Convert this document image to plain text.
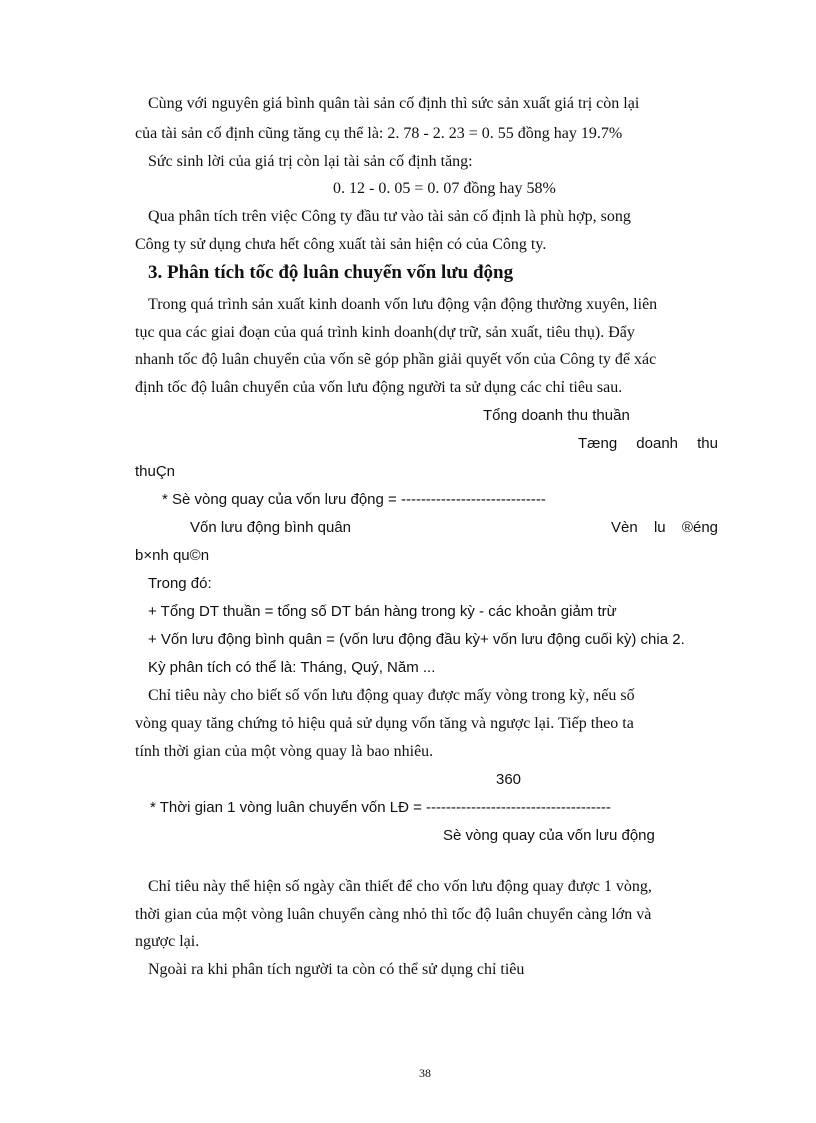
Cùng với nguyên giá bình quân tài sản cố định thì sức sản xuất giá trị còn lại
của tài sản cố định cũng tăng cụ thể là: 2. 78 - 2. 23 = 0. 55 đồng hay 19.7%
Sức sinh lời của giá trị còn lại tài sản cố định tăng:
0. 12 - 0. 05 = 0. 07 đồng hay 58%
Qua phân tích trên việc Công ty đầu tư vào tài sản cố định là phù hợp, song
Công ty sử dụng chưa hết công xuất tài sản hiện có của Công ty.
3. Phân tích tốc độ luân chuyển vốn lưu động
Trong quá trình sản xuất kinh doanh vốn lưu động vận động thường xuyên, liên
tục qua các giai đoạn của quá trình kinh doanh(dự trữ, sản xuất, tiêu thụ). Đẩy
nhanh tốc độ luân chuyển của vốn sẽ góp phần giải quyết vốn của Công ty để xác
định tốc độ luân chuyển của vốn lưu động người ta sử dụng các chỉ tiêu sau.
Tổng doanh thu thuần
Tæng doanh thu
thuÇn
* Sè vòng quay của vốn lưu động = -----------------------------
Vốn lưu động bình quân	Vèn lu ®éng
b×nh qu©n
Trong đó:
+ Tổng DT thuần = tổng số DT bán hàng trong kỳ - các khoản giảm trừ
+ Vốn lưu động bình quân = (vốn lưu động đầu kỳ+ vốn lưu động cuối kỳ) chia 2.
Kỳ phân tích có thể là: Tháng, Quý, Năm ...
Chỉ tiêu này cho biết số vốn lưu động quay được mấy vòng trong kỳ, nếu số
vòng quay tăng chứng tỏ hiệu quả sử dụng vốn tăng và ngược lại. Tiếp theo ta
tính thời gian của một vòng quay là bao nhiêu.
360
* Thời gian 1 vòng luân chuyển vốn LĐ = -------------------------------------
Sè vòng quay của vốn lưu động
Chỉ tiêu này thể hiện số ngày cần thiết để cho vốn lưu động quay được 1 vòng,
thời gian của một vòng luân chuyển càng nhỏ thì tốc độ luân chuyển càng lớn và
ngược lại.
Ngoài ra khi phân tích người ta còn có thể sử dụng chỉ tiêu
38
